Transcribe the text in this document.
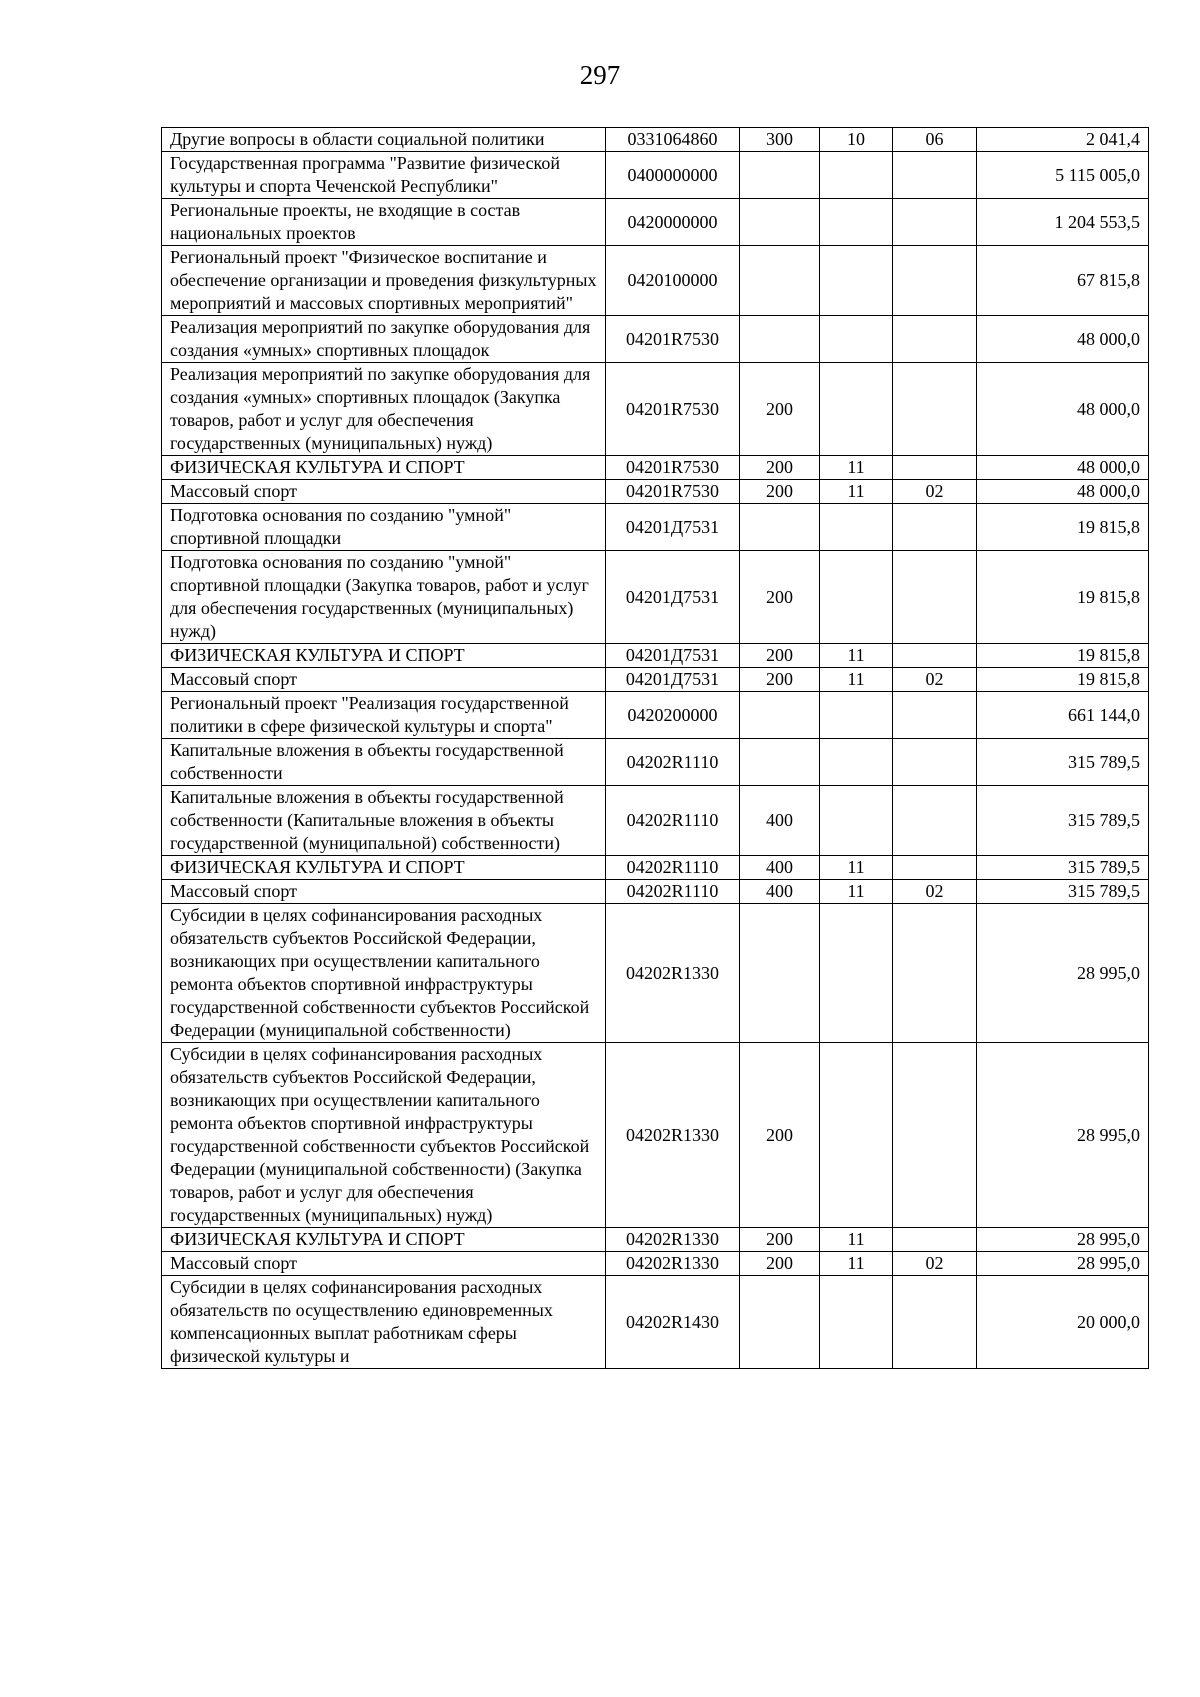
297
Другие вопросы в области социальной политики	0331064860	300	10	06	2 041,4
Государственная программа "Развитие физической культуры и спорта Чеченской Республики"	0400000000				5 115 005,0
Региональные проекты, не входящие в состав национальных проектов	0420000000				1 204 553,5
Региональный проект "Физическое воспитание и обеспечение организации и проведения физкультурных мероприятий и массовых спортивных мероприятий"	0420100000				67 815,8
Реализация мероприятий по закупке оборудования для создания «умных» спортивных площадок	04201R7530				48 000,0
Реализация мероприятий по закупке оборудования для создания «умных» спортивных площадок (Закупка товаров, работ и услуг для обеспечения государственных (муниципальных) нужд)	04201R7530	200			48 000,0
ФИЗИЧЕСКАЯ КУЛЬТУРА И СПОРТ	04201R7530	200	11		48 000,0
Массовый спорт	04201R7530	200	11	02	48 000,0
Подготовка основания по созданию "умной" спортивной площадки	04201Д7531				19 815,8
Подготовка основания по созданию "умной" спортивной площадки (Закупка товаров, работ и услуг для обеспечения государственных (муниципальных) нужд)	04201Д7531	200			19 815,8
ФИЗИЧЕСКАЯ КУЛЬТУРА И СПОРТ	04201Д7531	200	11		19 815,8
Массовый спорт	04201Д7531	200	11	02	19 815,8
Региональный проект "Реализация государственной политики в сфере физической культуры и спорта"	0420200000				661 144,0
Капитальные вложения в объекты государственной собственности	04202R1110				315 789,5
Капитальные вложения в объекты государственной собственности (Капитальные вложения в объекты государственной (муниципальной) собственности)	04202R1110	400			315 789,5
ФИЗИЧЕСКАЯ КУЛЬТУРА И СПОРТ	04202R1110	400	11		315 789,5
Массовый спорт	04202R1110	400	11	02	315 789,5
Субсидии в целях софинансирования расходных обязательств субъектов Российской Федерации, возникающих при осуществлении капитального ремонта объектов спортивной инфраструктуры государственной собственности субъектов Российской Федерации (муниципальной собственности)	04202R1330				28 995,0
Субсидии в целях софинансирования расходных обязательств субъектов Российской Федерации, возникающих при осуществлении капитального ремонта объектов спортивной инфраструктуры государственной собственности субъектов Российской Федерации (муниципальной собственности) (Закупка товаров, работ и услуг для обеспечения государственных (муниципальных) нужд)	04202R1330	200			28 995,0
ФИЗИЧЕСКАЯ КУЛЬТУРА И СПОРТ	04202R1330	200	11		28 995,0
Массовый спорт	04202R1330	200	11	02	28 995,0
Субсидии в целях софинансирования расходных обязательств по осуществлению единовременных компенсационных выплат работникам сферы физической культуры и	04202R1430				20 000,0
